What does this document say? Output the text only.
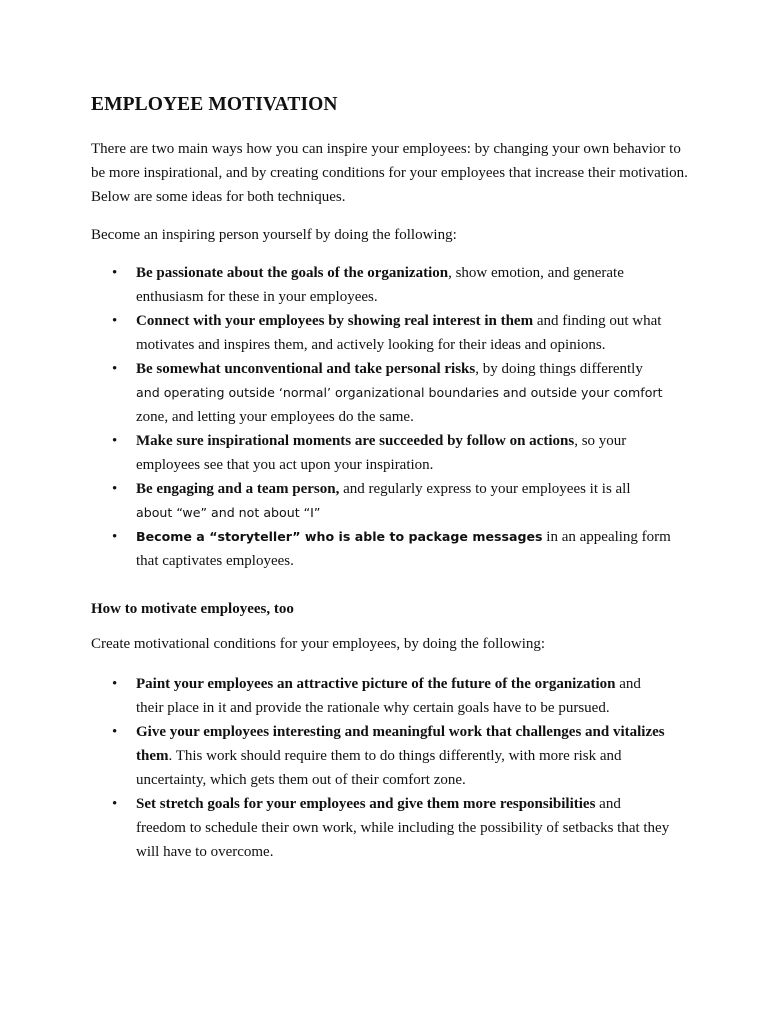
EMPLOYEE MOTIVATION

There are two main ways how you can inspire your employees: by changing your own behavior to be more inspirational, and by creating conditions for your employees that increase their motivation. Below are some ideas for both techniques.

Become an inspiring person yourself by doing the following:

• Be passionate about the goals of the organization, show emotion, and generate enthusiasm for these in your employees.
• Connect with your employees by showing real interest in them and finding out what motivates and inspires them, and actively looking for their ideas and opinions.
• Be somewhat unconventional and take personal risks, by doing things differently
and operating outside ‘normal’ organizational boundaries and outside your comfort
zone, and letting your employees do the same.
• Make sure inspirational moments are succeeded by follow on actions, so your employees see that you act upon your inspiration.
• Be engaging and a team person, and regularly express to your employees it is all
about “we” and not about “I”
• Become a “storyteller” who is able to package messages in an appealing form that captivates employees.

How to motivate employees, too

Create motivational conditions for your employees, by doing the following:

• Paint your employees an attractive picture of the future of the organization and their place in it and provide the rationale why certain goals have to be pursued.
• Give your employees interesting and meaningful work that challenges and vitalizes them. This work should require them to do things differently, with more risk and uncertainty, which gets them out of their comfort zone.
• Set stretch goals for your employees and give them more responsibilities and freedom to schedule their own work, while including the possibility of setbacks that they will have to overcome.
